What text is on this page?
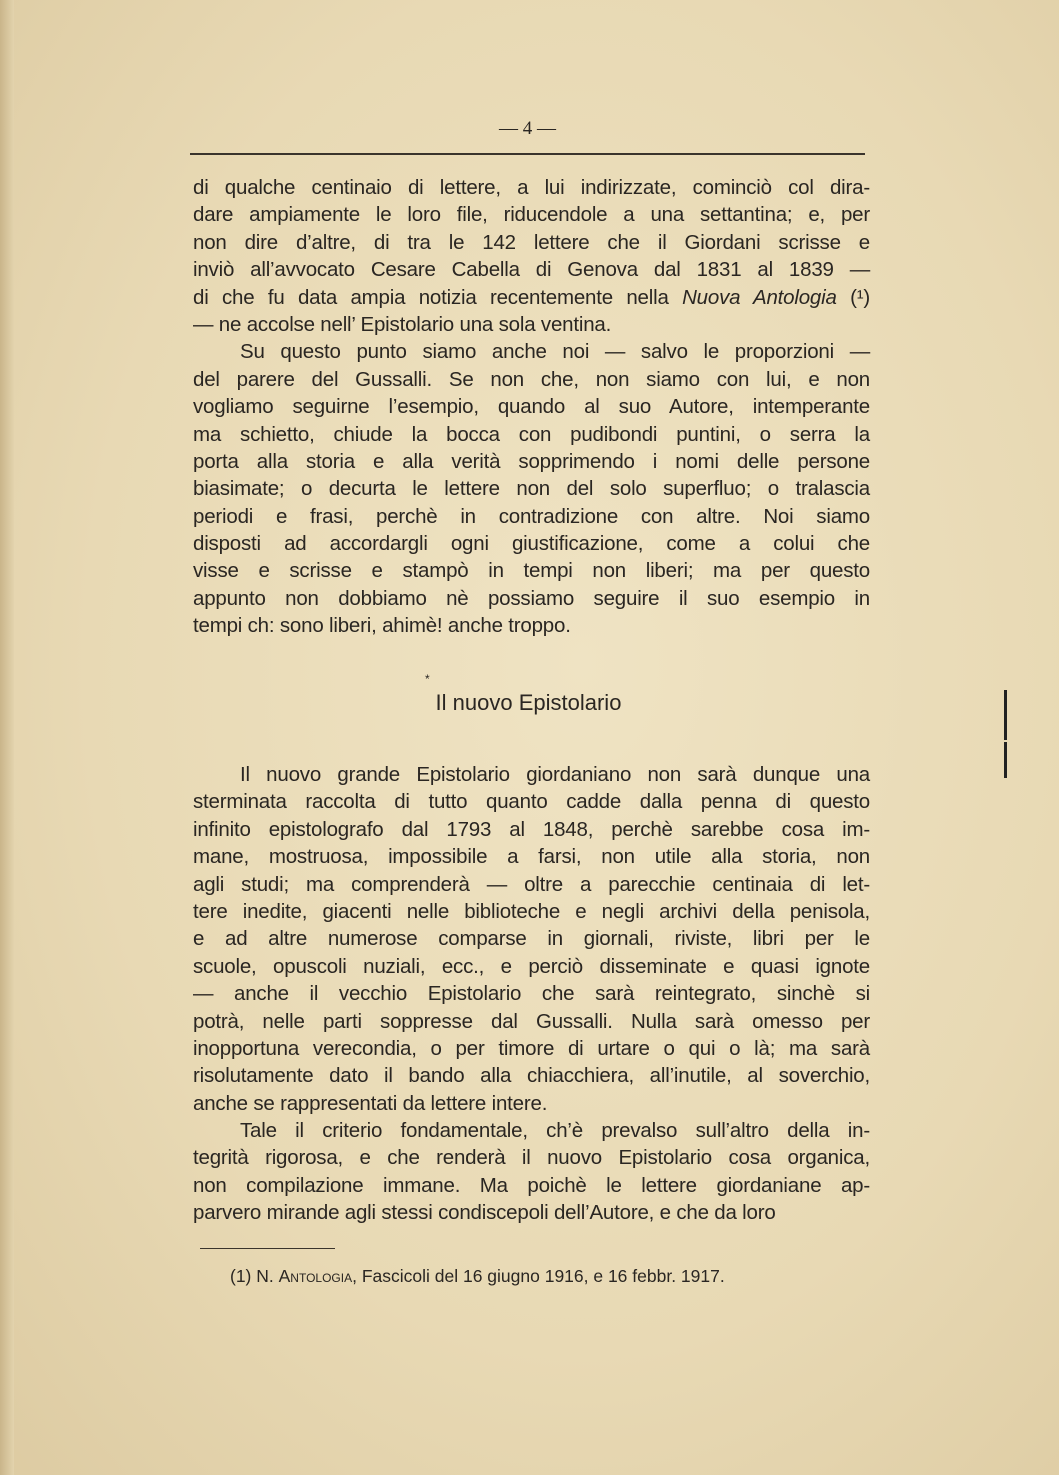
— 4 —
di qualche centinaio di lettere, a lui indirizzate, cominciò col dira-
dare ampiamente le loro file, riducendole a una settantina; e, per
non dire d’altre, di tra le 142 lettere che il Giordani scrisse e
inviò all’avvocato Cesare Cabella di Genova dal 1831 al 1839 —
di che fu data ampia notizia recentemente nella Nuova Antologia (¹)
— ne accolse nell’ Epistolario una sola ventina.
Su questo punto siamo anche noi — salvo le proporzioni —
del parere del Gussalli. Se non che, non siamo con lui, e non
vogliamo seguirne l’esempio, quando al suo Autore, intemperante
ma schietto, chiude la bocca con pudibondi puntini, o serra la
porta alla storia e alla verità sopprimendo i nomi delle persone
biasimate; o decurta le lettere non del solo superfluo; o tralascia
periodi e frasi, perchè in contradizione con altre. Noi siamo
disposti ad accordargli ogni giustificazione, come a colui che
visse e scrisse e stampò in tempi non liberi; ma per questo
appunto non dobbiamo nè possiamo seguire il suo esempio in
tempi ch: sono liberi, ahimè! anche troppo.
*
Il nuovo Epistolario
Il nuovo grande Epistolario giordaniano non sarà dunque una
sterminata raccolta di tutto quanto cadde dalla penna di questo
infinito epistolografo dal 1793 al 1848, perchè sarebbe cosa im-
mane, mostruosa, impossibile a farsi, non utile alla storia, non
agli studi; ma comprenderà — oltre a parecchie centinaia di let-
tere inedite, giacenti nelle biblioteche e negli archivi della penisola,
e ad altre numerose comparse in giornali, riviste, libri per le
scuole, opuscoli nuziali, ecc., e perciò disseminate e quasi ignote
— anche il vecchio Epistolario che sarà reintegrato, sinchè si
potrà, nelle parti soppresse dal Gussalli. Nulla sarà omesso per
inopportuna verecondia, o per timore di urtare o qui o là; ma sarà
risolutamente dato il bando alla chiacchiera, all’inutile, al soverchio,
anche se rappresentati da lettere intere.
Tale il criterio fondamentale, ch’è prevalso sull’altro della in-
tegrità rigorosa, e che renderà il nuovo Epistolario cosa organica,
non compilazione immane. Ma poichè le lettere giordaniane ap-
parvero mirande agli stessi condiscepoli dell’Autore, e che da loro
(1) N. Antologia, Fascicoli del 16 giugno 1916, e 16 febbr. 1917.
